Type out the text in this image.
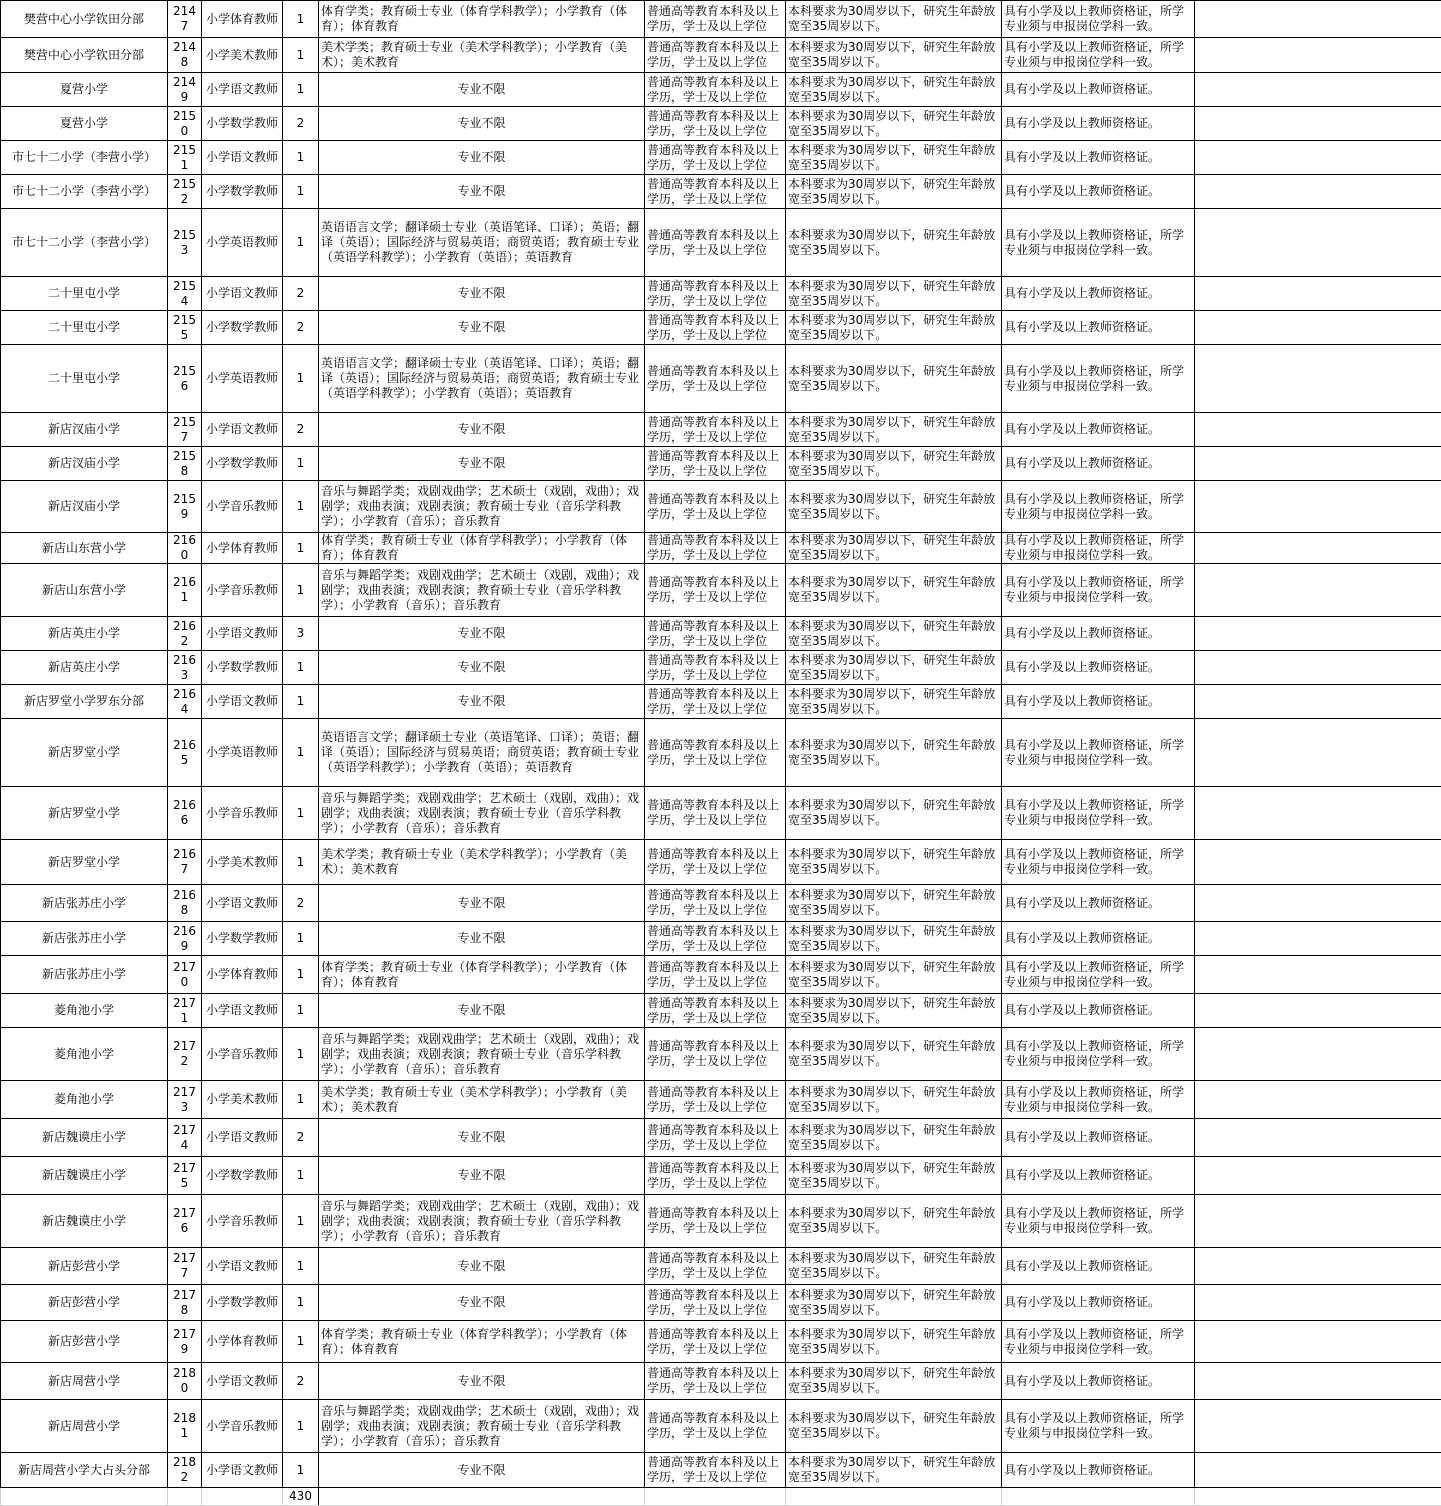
樊营中心小学钦田分部	2147	小学体育教师	1	体育学类；教育硕士专业（体育学科教学）；小学教育（体育）；体育教育	普通高等教育本科及以上学历，学士及以上学位	本科要求为30周岁以下，研究生年龄放宽至35周岁以下。	具有小学及以上教师资格证，所学专业须与申报岗位学科一致。	
樊营中心小学钦田分部	2148	小学美术教师	1	美术学类；教育硕士专业（美术学科教学）；小学教育（美术）；美术教育	普通高等教育本科及以上学历，学士及以上学位	本科要求为30周岁以下，研究生年龄放宽至35周岁以下。	具有小学及以上教师资格证，所学专业须与申报岗位学科一致。	
夏营小学	2149	小学语文教师	1	专业不限	普通高等教育本科及以上学历，学士及以上学位	本科要求为30周岁以下，研究生年龄放宽至35周岁以下。	具有小学及以上教师资格证。	
夏营小学	2150	小学数学教师	2	专业不限	普通高等教育本科及以上学历，学士及以上学位	本科要求为30周岁以下，研究生年龄放宽至35周岁以下。	具有小学及以上教师资格证。	
市七十二小学（李营小学）	2151	小学语文教师	1	专业不限	普通高等教育本科及以上学历，学士及以上学位	本科要求为30周岁以下，研究生年龄放宽至35周岁以下。	具有小学及以上教师资格证。	
市七十二小学（李营小学）	2152	小学数学教师	1	专业不限	普通高等教育本科及以上学历，学士及以上学位	本科要求为30周岁以下，研究生年龄放宽至35周岁以下。	具有小学及以上教师资格证。	
市七十二小学（李营小学）	2153	小学英语教师	1	英语语言文学；翻译硕士专业（英语笔译、口译）；英语；翻译（英语）；国际经济与贸易英语；商贸英语；教育硕士专业（英语学科教学）；小学教育（英语）；英语教育	普通高等教育本科及以上学历，学士及以上学位	本科要求为30周岁以下，研究生年龄放宽至35周岁以下。	具有小学及以上教师资格证，所学专业须与申报岗位学科一致。	
二十里屯小学	2154	小学语文教师	2	专业不限	普通高等教育本科及以上学历，学士及以上学位	本科要求为30周岁以下，研究生年龄放宽至35周岁以下。	具有小学及以上教师资格证。	
二十里屯小学	2155	小学数学教师	2	专业不限	普通高等教育本科及以上学历，学士及以上学位	本科要求为30周岁以下，研究生年龄放宽至35周岁以下。	具有小学及以上教师资格证。	
二十里屯小学	2156	小学英语教师	1	英语语言文学；翻译硕士专业（英语笔译、口译）；英语；翻译（英语）；国际经济与贸易英语；商贸英语；教育硕士专业（英语学科教学）；小学教育（英语）；英语教育	普通高等教育本科及以上学历，学士及以上学位	本科要求为30周岁以下，研究生年龄放宽至35周岁以下。	具有小学及以上教师资格证，所学专业须与申报岗位学科一致。	
新店汊庙小学	2157	小学语文教师	2	专业不限	普通高等教育本科及以上学历，学士及以上学位	本科要求为30周岁以下，研究生年龄放宽至35周岁以下。	具有小学及以上教师资格证。	
新店汊庙小学	2158	小学数学教师	1	专业不限	普通高等教育本科及以上学历，学士及以上学位	本科要求为30周岁以下，研究生年龄放宽至35周岁以下。	具有小学及以上教师资格证。	
新店汊庙小学	2159	小学音乐教师	1	音乐与舞蹈学类；戏剧戏曲学；艺术硕士（戏剧，戏曲）；戏剧学；戏曲表演；戏剧表演；教育硕士专业（音乐学科教学）；小学教育（音乐）；音乐教育	普通高等教育本科及以上学历，学士及以上学位	本科要求为30周岁以下，研究生年龄放宽至35周岁以下。	具有小学及以上教师资格证，所学专业须与申报岗位学科一致。	
新店山东营小学	2160	小学体育教师	1	体育学类；教育硕士专业（体育学科教学）；小学教育（体育）；体育教育	普通高等教育本科及以上学历，学士及以上学位	本科要求为30周岁以下，研究生年龄放宽至35周岁以下。	具有小学及以上教师资格证，所学专业须与申报岗位学科一致。	
新店山东营小学	2161	小学音乐教师	1	音乐与舞蹈学类；戏剧戏曲学；艺术硕士（戏剧，戏曲）；戏剧学；戏曲表演；戏剧表演；教育硕士专业（音乐学科教学）；小学教育（音乐）；音乐教育	普通高等教育本科及以上学历，学士及以上学位	本科要求为30周岁以下，研究生年龄放宽至35周岁以下。	具有小学及以上教师资格证，所学专业须与申报岗位学科一致。	
新店英庄小学	2162	小学语文教师	3	专业不限	普通高等教育本科及以上学历，学士及以上学位	本科要求为30周岁以下，研究生年龄放宽至35周岁以下。	具有小学及以上教师资格证。	
新店英庄小学	2163	小学数学教师	1	专业不限	普通高等教育本科及以上学历，学士及以上学位	本科要求为30周岁以下，研究生年龄放宽至35周岁以下。	具有小学及以上教师资格证。	
新店罗堂小学罗东分部	2164	小学语文教师	1	专业不限	普通高等教育本科及以上学历，学士及以上学位	本科要求为30周岁以下，研究生年龄放宽至35周岁以下。	具有小学及以上教师资格证。	
新店罗堂小学	2165	小学英语教师	1	英语语言文学；翻译硕士专业（英语笔译、口译）；英语；翻译（英语）；国际经济与贸易英语；商贸英语；教育硕士专业（英语学科教学）；小学教育（英语）；英语教育	普通高等教育本科及以上学历，学士及以上学位	本科要求为30周岁以下，研究生年龄放宽至35周岁以下。	具有小学及以上教师资格证，所学专业须与申报岗位学科一致。	
新店罗堂小学	2166	小学音乐教师	1	音乐与舞蹈学类；戏剧戏曲学；艺术硕士（戏剧，戏曲）；戏剧学；戏曲表演；戏剧表演；教育硕士专业（音乐学科教学）；小学教育（音乐）；音乐教育	普通高等教育本科及以上学历，学士及以上学位	本科要求为30周岁以下，研究生年龄放宽至35周岁以下。	具有小学及以上教师资格证，所学专业须与申报岗位学科一致。	
新店罗堂小学	2167	小学美术教师	1	美术学类；教育硕士专业（美术学科教学）；小学教育（美术）；美术教育	普通高等教育本科及以上学历，学士及以上学位	本科要求为30周岁以下，研究生年龄放宽至35周岁以下。	具有小学及以上教师资格证，所学专业须与申报岗位学科一致。	
新店张苏庄小学	2168	小学语文教师	2	专业不限	普通高等教育本科及以上学历，学士及以上学位	本科要求为30周岁以下，研究生年龄放宽至35周岁以下。	具有小学及以上教师资格证。	
新店张苏庄小学	2169	小学数学教师	1	专业不限	普通高等教育本科及以上学历，学士及以上学位	本科要求为30周岁以下，研究生年龄放宽至35周岁以下。	具有小学及以上教师资格证。	
新店张苏庄小学	2170	小学体育教师	1	体育学类；教育硕士专业（体育学科教学）；小学教育（体育）；体育教育	普通高等教育本科及以上学历，学士及以上学位	本科要求为30周岁以下，研究生年龄放宽至35周岁以下。	具有小学及以上教师资格证，所学专业须与申报岗位学科一致。	
菱角池小学	2171	小学语文教师	1	专业不限	普通高等教育本科及以上学历，学士及以上学位	本科要求为30周岁以下，研究生年龄放宽至35周岁以下。	具有小学及以上教师资格证。	
菱角池小学	2172	小学音乐教师	1	音乐与舞蹈学类；戏剧戏曲学；艺术硕士（戏剧，戏曲）；戏剧学；戏曲表演；戏剧表演；教育硕士专业（音乐学科教学）；小学教育（音乐）；音乐教育	普通高等教育本科及以上学历，学士及以上学位	本科要求为30周岁以下，研究生年龄放宽至35周岁以下。	具有小学及以上教师资格证，所学专业须与申报岗位学科一致。	
菱角池小学	2173	小学美术教师	1	美术学类；教育硕士专业（美术学科教学）；小学教育（美术）；美术教育	普通高等教育本科及以上学历，学士及以上学位	本科要求为30周岁以下，研究生年龄放宽至35周岁以下。	具有小学及以上教师资格证，所学专业须与申报岗位学科一致。	
新店魏谟庄小学	2174	小学语文教师	2	专业不限	普通高等教育本科及以上学历，学士及以上学位	本科要求为30周岁以下，研究生年龄放宽至35周岁以下。	具有小学及以上教师资格证。	
新店魏谟庄小学	2175	小学数学教师	1	专业不限	普通高等教育本科及以上学历，学士及以上学位	本科要求为30周岁以下，研究生年龄放宽至35周岁以下。	具有小学及以上教师资格证。	
新店魏谟庄小学	2176	小学音乐教师	1	音乐与舞蹈学类；戏剧戏曲学；艺术硕士（戏剧，戏曲）；戏剧学；戏曲表演；戏剧表演；教育硕士专业（音乐学科教学）；小学教育（音乐）；音乐教育	普通高等教育本科及以上学历，学士及以上学位	本科要求为30周岁以下，研究生年龄放宽至35周岁以下。	具有小学及以上教师资格证，所学专业须与申报岗位学科一致。	
新店彭营小学	2177	小学语文教师	1	专业不限	普通高等教育本科及以上学历，学士及以上学位	本科要求为30周岁以下，研究生年龄放宽至35周岁以下。	具有小学及以上教师资格证。	
新店彭营小学	2178	小学数学教师	1	专业不限	普通高等教育本科及以上学历，学士及以上学位	本科要求为30周岁以下，研究生年龄放宽至35周岁以下。	具有小学及以上教师资格证。	
新店彭营小学	2179	小学体育教师	1	体育学类；教育硕士专业（体育学科教学）；小学教育（体育）；体育教育	普通高等教育本科及以上学历，学士及以上学位	本科要求为30周岁以下，研究生年龄放宽至35周岁以下。	具有小学及以上教师资格证，所学专业须与申报岗位学科一致。	
新店周营小学	2180	小学语文教师	2	专业不限	普通高等教育本科及以上学历，学士及以上学位	本科要求为30周岁以下，研究生年龄放宽至35周岁以下。	具有小学及以上教师资格证。	
新店周营小学	2181	小学音乐教师	1	音乐与舞蹈学类；戏剧戏曲学；艺术硕士（戏剧，戏曲）；戏剧学；戏曲表演；戏剧表演；教育硕士专业（音乐学科教学）；小学教育（音乐）；音乐教育	普通高等教育本科及以上学历，学士及以上学位	本科要求为30周岁以下，研究生年龄放宽至35周岁以下。	具有小学及以上教师资格证，所学专业须与申报岗位学科一致。	
新店周营小学大占头分部	2182	小学语文教师	1	专业不限	普通高等教育本科及以上学历，学士及以上学位	本科要求为30周岁以下，研究生年龄放宽至35周岁以下。	具有小学及以上教师资格证。	
			430					
